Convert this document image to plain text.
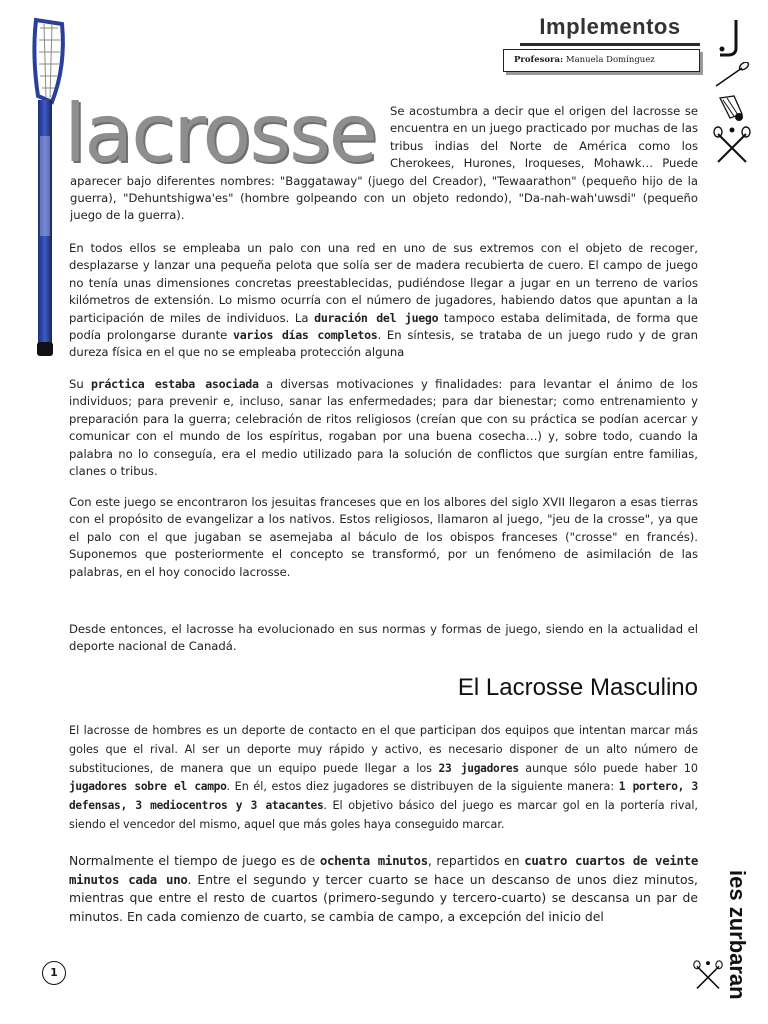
Implementos
Profesora: Manuela Domínguez
lacrosse	Se acostumbra a decir que el origen del lacrosse se encuentra en un juego practicado por muchas de las tribus indias del Norte de América como los Cherokees, Hurones, Iroqueses, Mohawk… Puede aparecer bajo diferentes nombres: "Baggataway" (juego del Creador), "Tewaarathon" (pequeño hijo de la guerra), "Dehuntshigwa'es" (hombre golpeando con un objeto redondo), "Da-nah-wah'uwsdi" (pequeño juego de la guerra).
En todos ellos se empleaba un palo con una red en uno de sus extremos con el objeto de recoger, desplazarse y lanzar una pequeña pelota que solía ser de madera recubierta de cuero. El campo de juego no tenía unas dimensiones concretas preestablecidas, pudiéndose llegar a jugar en un terreno de varios kilómetros de extensión. Lo mismo ocurría con el número de jugadores, habiendo datos que apuntan a la participación de miles de individuos. La duración del juego tampoco estaba delimitada, de forma que podía prolongarse durante varios días completos. En síntesis, se trataba de un juego rudo y de gran dureza física en el que no se empleaba protección alguna
Su práctica estaba asociada a diversas motivaciones y finalidades: para levantar el ánimo de los individuos; para prevenir e, incluso, sanar las enfermedades; para dar bienestar; como entrenamiento y preparación para la guerra; celebración de ritos religiosos (creían que con su práctica se podían acercar y comunicar con el mundo de los espíritus, rogaban por una buena cosecha…) y, sobre todo, cuando la palabra no lo conseguía, era el medio utilizado para la solución de conflictos que surgían entre familias, clanes o tribus.
Con este juego se encontraron los jesuitas franceses que en los albores del siglo XVII llegaron a esas tierras con el propósito de evangelizar a los nativos. Estos religiosos, llamaron al juego, "jeu de la crosse", ya que el palo con el que jugaban se asemejaba al báculo de los obispos franceses ("crosse" en francés). Suponemos que posteriormente el concepto se transformó, por un fenómeno de asimilación de las palabras, en el hoy conocido lacrosse.
Desde entonces, el lacrosse ha evolucionado en sus normas y formas de juego, siendo en la actualidad el deporte nacional de Canadá.
El Lacrosse Masculino
El lacrosse de hombres es un deporte de contacto en el que participan dos equipos que intentan marcar más goles que el rival. Al ser un deporte muy rápido y activo, es necesario disponer de un alto número de substituciones, de manera que un equipo puede llegar a los 23 jugadores aunque sólo puede haber 10 jugadores sobre el campo. En él, estos diez jugadores se distribuyen de la siguiente manera: 1 portero, 3 defensas, 3 mediocentros y 3 atacantes. El objetivo básico del juego es marcar gol en la portería rival, siendo el vencedor del mismo, aquel que más goles haya conseguido marcar.
Normalmente el tiempo de juego es de ochenta minutos, repartidos en cuatro cuartos de veinte minutos cada uno. Entre el segundo y tercer cuarto se hace un descanso de unos diez minutos, mientras que entre el resto de cuartos (primero-segundo y tercero-cuarto) se descansa un par de minutos. En cada comienzo de cuarto, se cambia de campo, a excepción del inicio del	ies zurbaran
1
